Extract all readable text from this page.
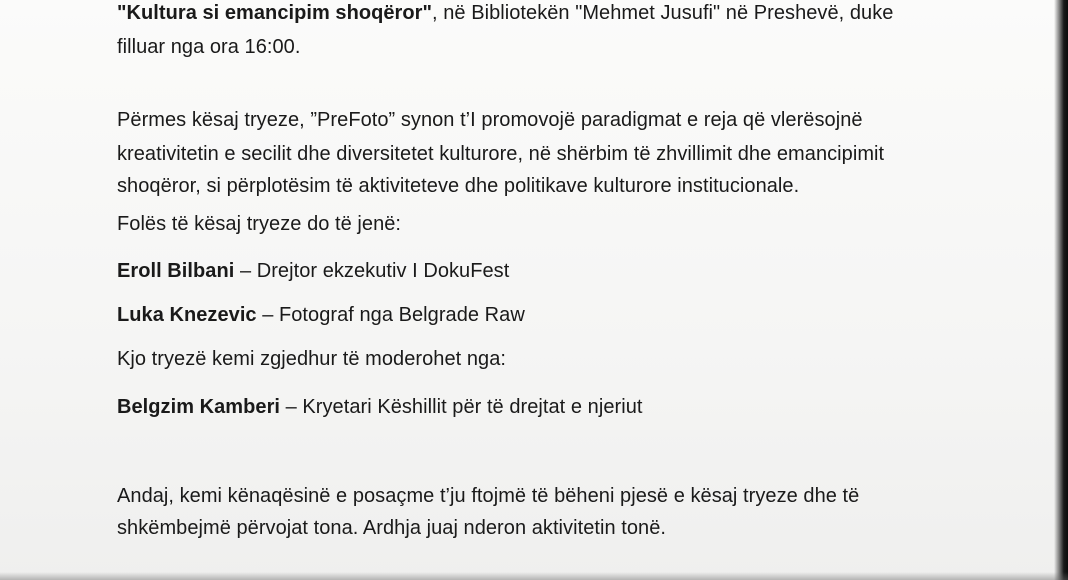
"Kultura si emancipim shoqëror", në Bibliotekën "Mehmet Jusufi" në Preshevë, duke
filluar nga ora 16:00.
Përmes kësaj tryeze, ”PreFoto” synon t’I promovojë paradigmat e reja që vlerësojnë
kreativitetin e secilit dhe diversitetet kulturore, në shërbim të zhvillimit dhe emancipimit
shoqëror, si përplotësim të aktiviteteve dhe politikave kulturore institucionale.
Folës të kësaj tryeze do të jenë:
Eroll Bilbani – Drejtor ekzekutiv I DokuFest
Luka Knezevic – Fotograf nga Belgrade Raw
Kjo tryezë kemi zgjedhur të moderohet nga:
Belgzim Kamberi – Kryetari Këshillit për të drejtat e njeriut
Andaj, kemi kënaqësinë e posaçme t’ju ftojmë të bëheni pjesë e kësaj tryeze dhe të
shkëmbejmë përvojat tona. Ardhja juaj nderon aktivitetin tonë.
